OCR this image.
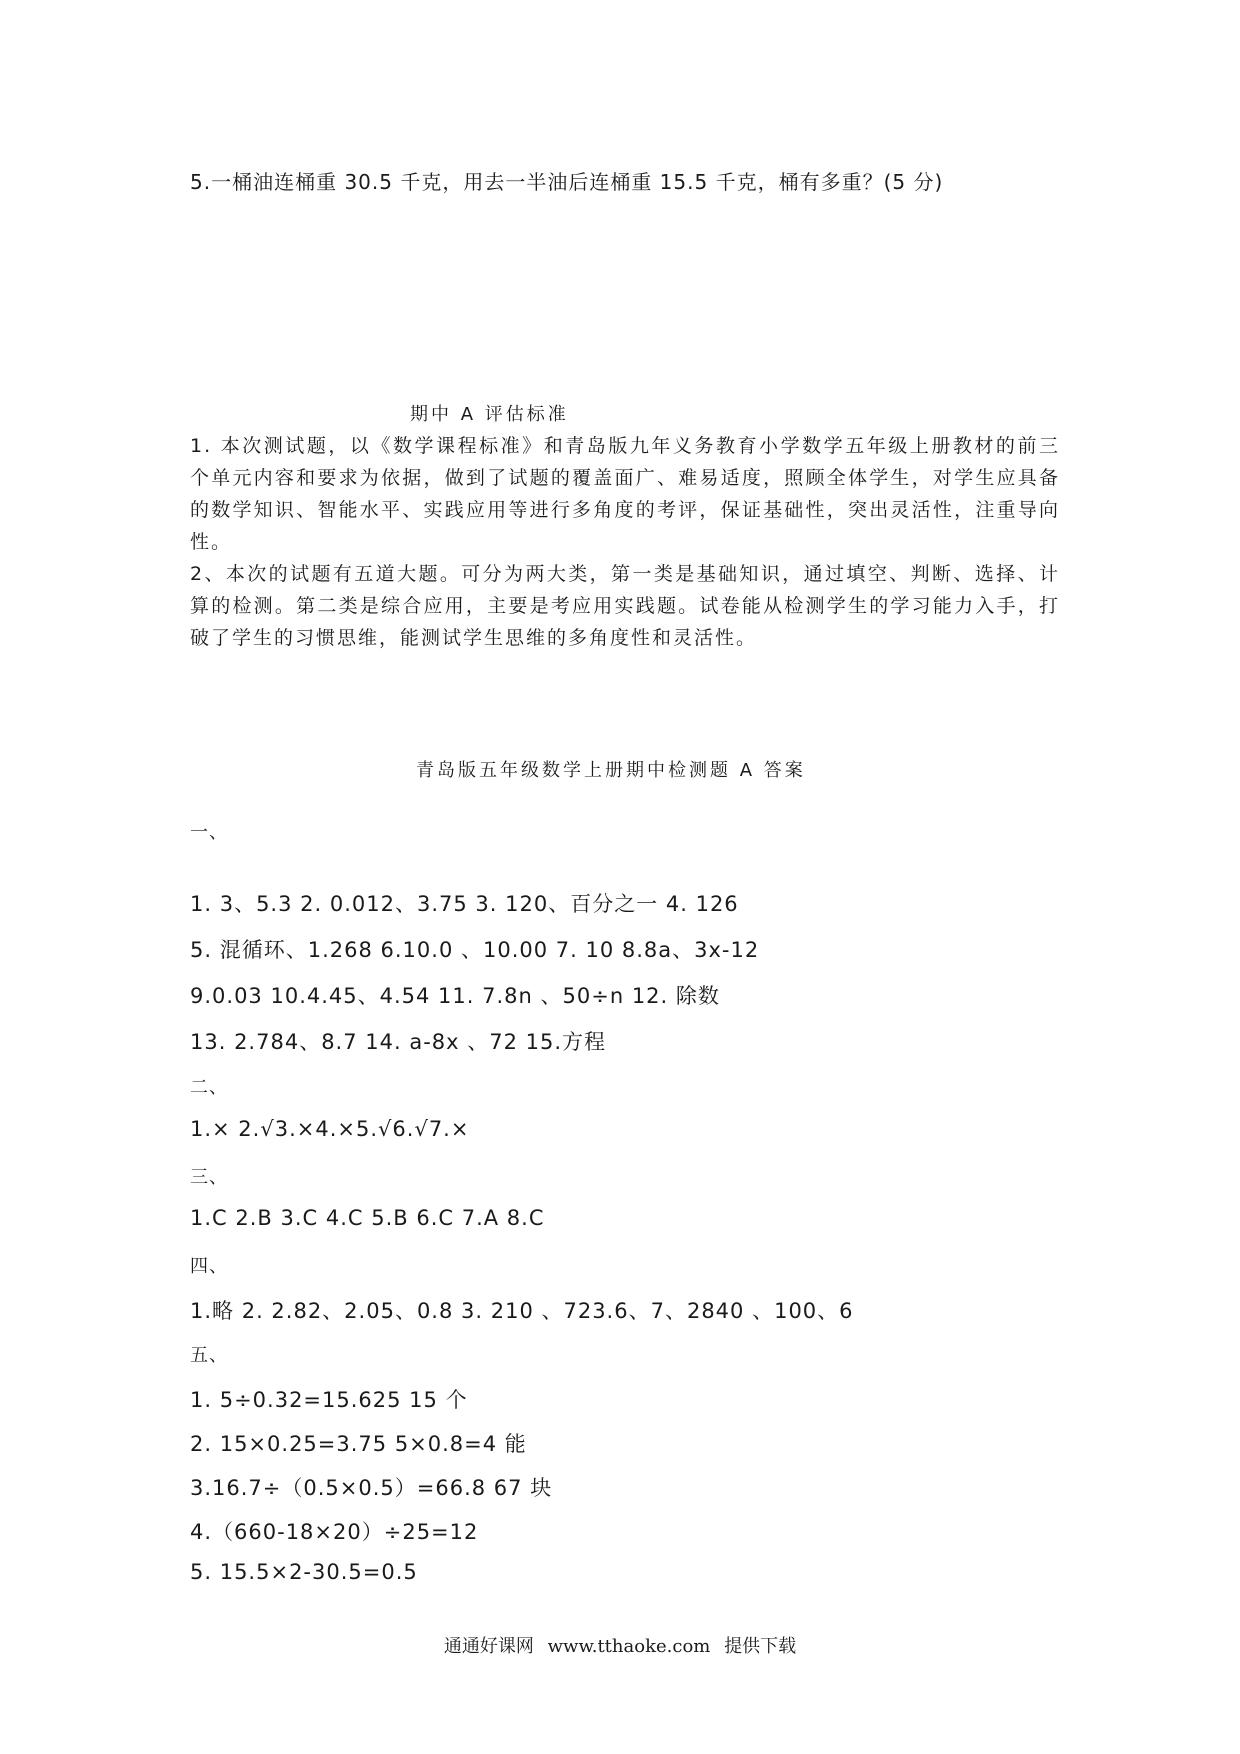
5.一桶油连桶重 30.5 千克，用去一半油后连桶重 15.5 千克，桶有多重？(5 分)
期中 A 评估标准
1. 本次测试题，以《数学课程标准》和青岛版九年义务教育小学数学五年级上册教材的前三个单元内容和要求为依据，做到了试题的覆盖面广、难易适度，照顾全体学生，对学生应具备的数学知识、智能水平、实践应用等进行多角度的考评，保证基础性，突出灵活性，注重导向性。
2、本次的试题有五道大题。可分为两大类，第一类是基础知识，通过填空、判断、选择、计算的检测。第二类是综合应用，主要是考应用实践题。试卷能从检测学生的学习能力入手，打破了学生的习惯思维，能测试学生思维的多角度性和灵活性。
青岛版五年级数学上册期中检测题 A 答案
一、
1. 3、5.3 2. 0.012、3.75 3. 120、百分之一 4. 126
5. 混循环、1.268 6.10.0 、10.00 7. 10 8.8a、3x-12
9.0.03 10.4.45、4.54 11. 7.8n 、50÷n 12. 除数
13. 2.784、8.7 14. a-8x 、72 15.方程
二、
1.× 2.√3.×4.×5.√6.√7.×
三、
1.C 2.B 3.C 4.C 5.B 6.C 7.A 8.C
四、
1.略 2. 2.82、2.05、0.8 3. 210 、723.6、7、2840 、100、6
五、
1. 5÷0.32=15.625 15 个
2. 15×0.25=3.75 5×0.8=4 能
3.16.7÷（0.5×0.5）=66.8 67 块
4.（660-18×20）÷25=12
5. 15.5×2-30.5=0.5
通通好课网 www.tthaoke.com 提供下载
